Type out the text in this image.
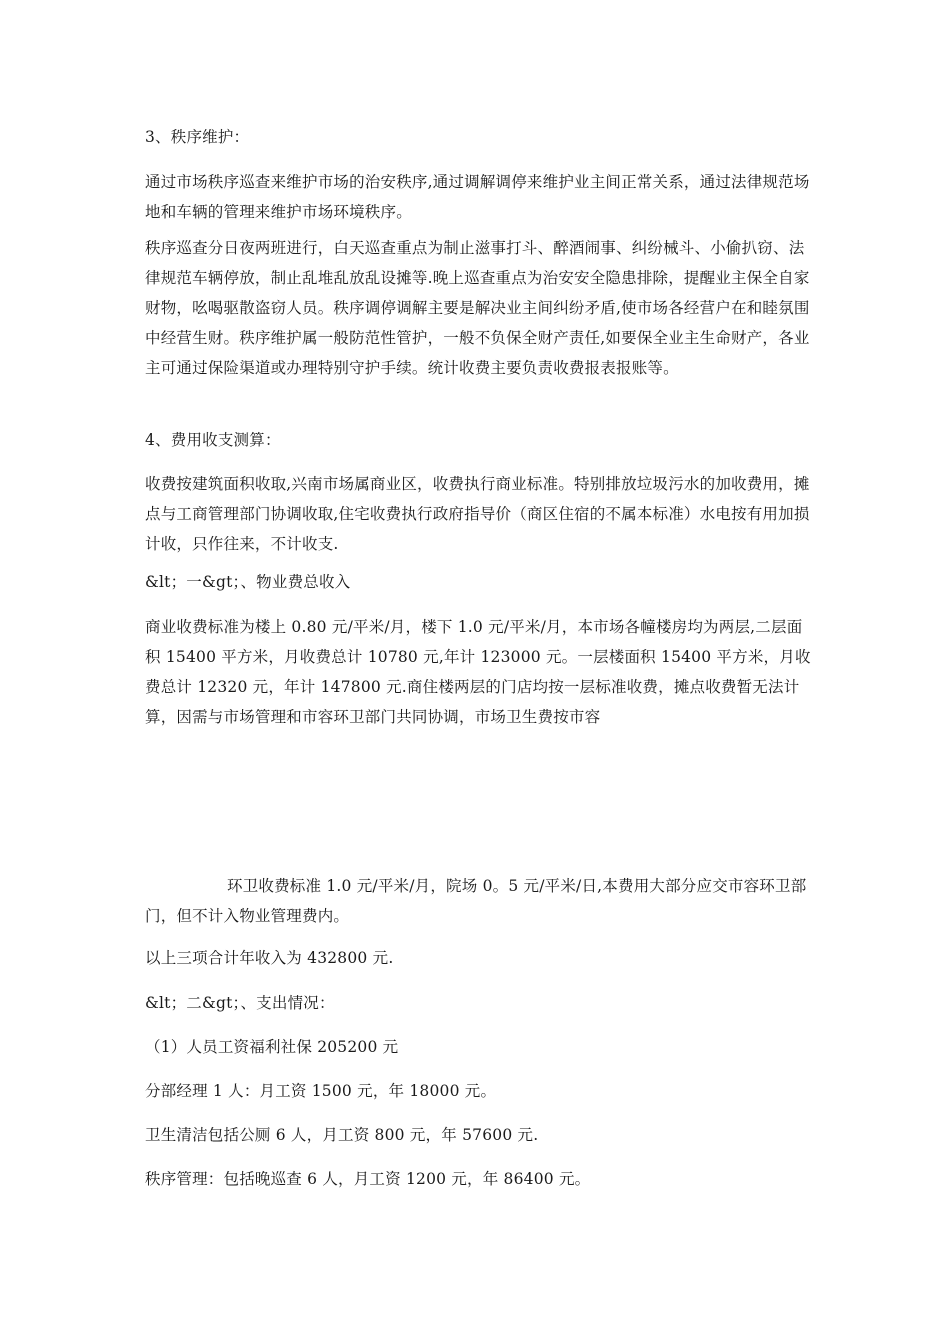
3、秩序维护：

通过市场秩序巡查来维护市场的治安秩序,通过调解调停来维护业主间正常关系，通过法律规范场地和车辆的管理来维护市场环境秩序。

秩序巡查分日夜两班进行，白天巡查重点为制止滋事打斗、醉酒闹事、纠纷械斗、小偷扒窃、法律规范车辆停放，制止乱堆乱放乱设摊等.晚上巡查重点为治安安全隐患排除，提醒业主保全自家财物，吆喝驱散盗窃人员。秩序调停调解主要是解决业主间纠纷矛盾,使市场各经营户在和睦氛围中经营生财。秩序维护属一般防范性管护，一般不负保全财产责任,如要保全业主生命财产，各业主可通过保险渠道或办理特别守护手续。统计收费主要负责收费报表报账等。

4、费用收支测算：

收费按建筑面积收取,兴南市场属商业区，收费执行商业标准。特别排放垃圾污水的加收费用，摊点与工商管理部门协调收取,住宅收费执行政府指导价（商区住宿的不属本标准）水电按有用加损计收，只作往来，不计收支.

&lt；一&gt；、物业费总收入

商业收费标准为楼上 0.80 元/平米/月，楼下 1.0 元/平米/月，本市场各幢楼房均为两层,二层面积 15400 平方米，月收费总计 10780 元,年计 123000 元。一层楼面积 15400 平方米，月收费总计 12320 元，年计 147800 元.商住楼两层的门店均按一层标准收费，摊点收费暂无法计算，因需与市场管理和市容环卫部门共同协调，市场卫生费按市容

环卫收费标准 1.0 元/平米/月，院场 0。5 元/平米/日,本费用大部分应交市容环卫部门，但不计入物业管理费内。

以上三项合计年收入为 432800 元.

&lt；二&gt；、支出情况：

（1）人员工资福利社保 205200 元

分部经理 1 人：月工资 1500 元，年 18000 元。

卫生清洁包括公厕 6 人，月工资 800 元，年 57600 元.

秩序管理：包括晚巡查 6 人，月工资 1200 元，年 86400 元。
